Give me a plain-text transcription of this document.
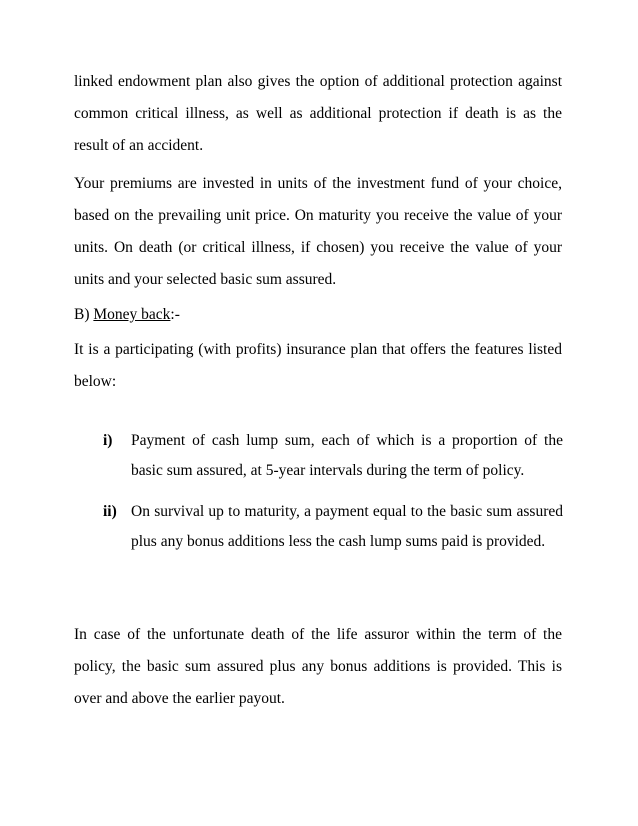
linked endowment plan also gives the option of additional protection against common critical illness, as well as additional protection if death is as the result of an accident.

Your premiums are invested in units of the investment fund of your choice, based on the prevailing unit price. On maturity you receive the value of your units. On death (or critical illness, if chosen) you receive the value of your units and your selected basic sum assured.

B) Money back:-

It is a participating (with profits) insurance plan that offers the features listed below:

i) Payment of cash lump sum, each of which is a proportion of the basic sum assured, at 5-year intervals during the term of policy.

ii) On survival up to maturity, a payment equal to the basic sum assured plus any bonus additions less the cash lump sums paid is provided.

In case of the unfortunate death of the life assuror within the term of the policy, the basic sum assured plus any bonus additions is provided. This is over and above the earlier payout.
